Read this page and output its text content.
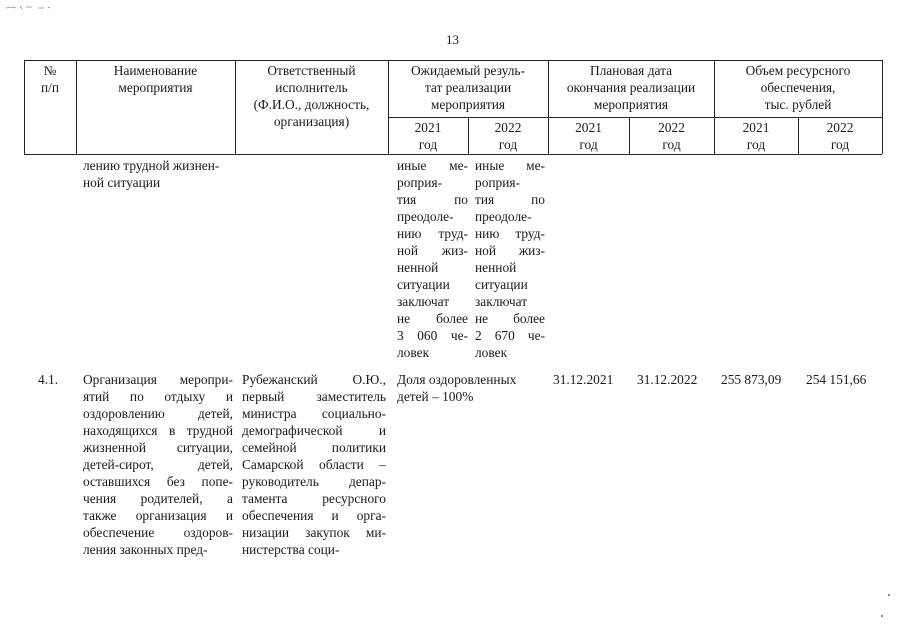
13
№
п/п
Наименование
мероприятия
Ответственный
исполнитель
(Ф.И.О., должность,
организация)
Ожидаемый резуль-
тат реализации
мероприятия
Плановая дата
окончания реализации
мероприятия
Объем ресурсного
обеспечения,
тыс. рублей
2021
год
2022
год
2021
год
2022
год
2021
год
2022
год
лению трудной жизнен-
ной ситуации
иные ме-
роприя-
тия по
преодоле-
нию труд-
ной жиз-
ненной
ситуации
заключат
не более
3 060 че-
ловек
иные ме-
роприя-
тия по
преодоле-
нию труд-
ной жиз-
ненной
ситуации
заключат
не более
2 670 че-
ловек
4.1. Организация меропри-
ятий по отдыху и
оздоровлению детей,
находящихся в трудной
жизненной ситуации,
детей-сирот, детей,
оставшихся без попе-
чения родителей, а
также организация и
обеспечение оздоров-
ления законных пред-
Рубежанский О.Ю.,
первый заместитель
министра социально-
демографической и
семейной политики
Самарской области –
руководитель депар-
тамента ресурсного
обеспечения и орга-
низации закупок ми-
нистерства соци-
Доля оздоровленных
детей – 100%
31.12.2021 31.12.2022 255 873,09 254 151,66
